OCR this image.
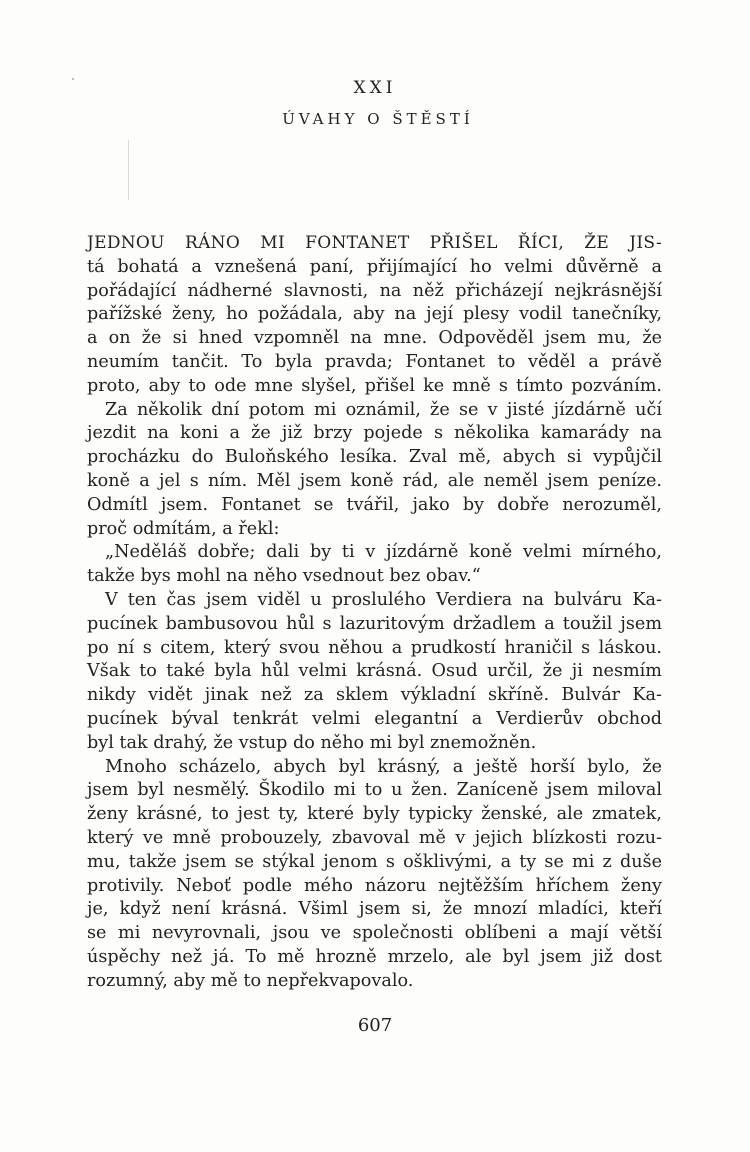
XXI
ÚVAHY O ŠTĚSTÍ
JEDNOU RÁNO MI FONTANET PŘIŠEL ŘÍCI, ŽE JIS-
tá bohatá a vznešená paní, přijímající ho velmi důvěrně a
pořádající nádherné slavnosti, na něž přicházejí nejkrásnější
pařížské ženy, ho požádala, aby na její plesy vodil tanečníky,
a on že si hned vzpomněl na mne. Odpověděl jsem mu, že
neumím tančit. To byla pravda; Fontanet to věděl a právě
proto, aby to ode mne slyšel, přišel ke mně s tímto pozváním.
Za několik dní potom mi oznámil, že se v jisté jízdárně učí
jezdit na koni a že již brzy pojede s několika kamarády na
procházku do Buloňského lesíka. Zval mě, abych si vypůjčil
koně a jel s ním. Měl jsem koně rád, ale neměl jsem peníze.
Odmítl jsem. Fontanet se tvářil, jako by dobře nerozuměl,
proč odmítám, a řekl:
„Neděláš dobře; dali by ti v jízdárně koně velmi mírného,
takže bys mohl na něho vsednout bez obav.“
V ten čas jsem viděl u proslulého Verdiera na bulváru Ka-
pucínek bambusovou hůl s lazuritovým držadlem a toužil jsem
po ní s citem, který svou něhou a prudkostí hraničil s láskou.
Však to také byla hůl velmi krásná. Osud určil, že ji nesmím
nikdy vidět jinak než za sklem výkladní skříně. Bulvár Ka-
pucínek býval tenkrát velmi elegantní a Verdierův obchod
byl tak drahý, že vstup do něho mi byl znemožněn.
Mnoho scházelo, abych byl krásný, a ještě horší bylo, že
jsem byl nesmělý. Škodilo mi to u žen. Zaníceně jsem miloval
ženy krásné, to jest ty, které byly typicky ženské, ale zmatek,
který ve mně probouzely, zbavoval mě v jejich blízkosti rozu-
mu, takže jsem se stýkal jenom s ošklivými, a ty se mi z duše
protivily. Neboť podle mého názoru nejtěžším hříchem ženy
je, když není krásná. Všiml jsem si, že mnozí mladíci, kteří
se mi nevyrovnali, jsou ve společnosti oblíbeni a mají větší
úspěchy než já. To mě hrozně mrzelo, ale byl jsem již dost
rozumný, aby mě to nepřekvapovalo.
607
